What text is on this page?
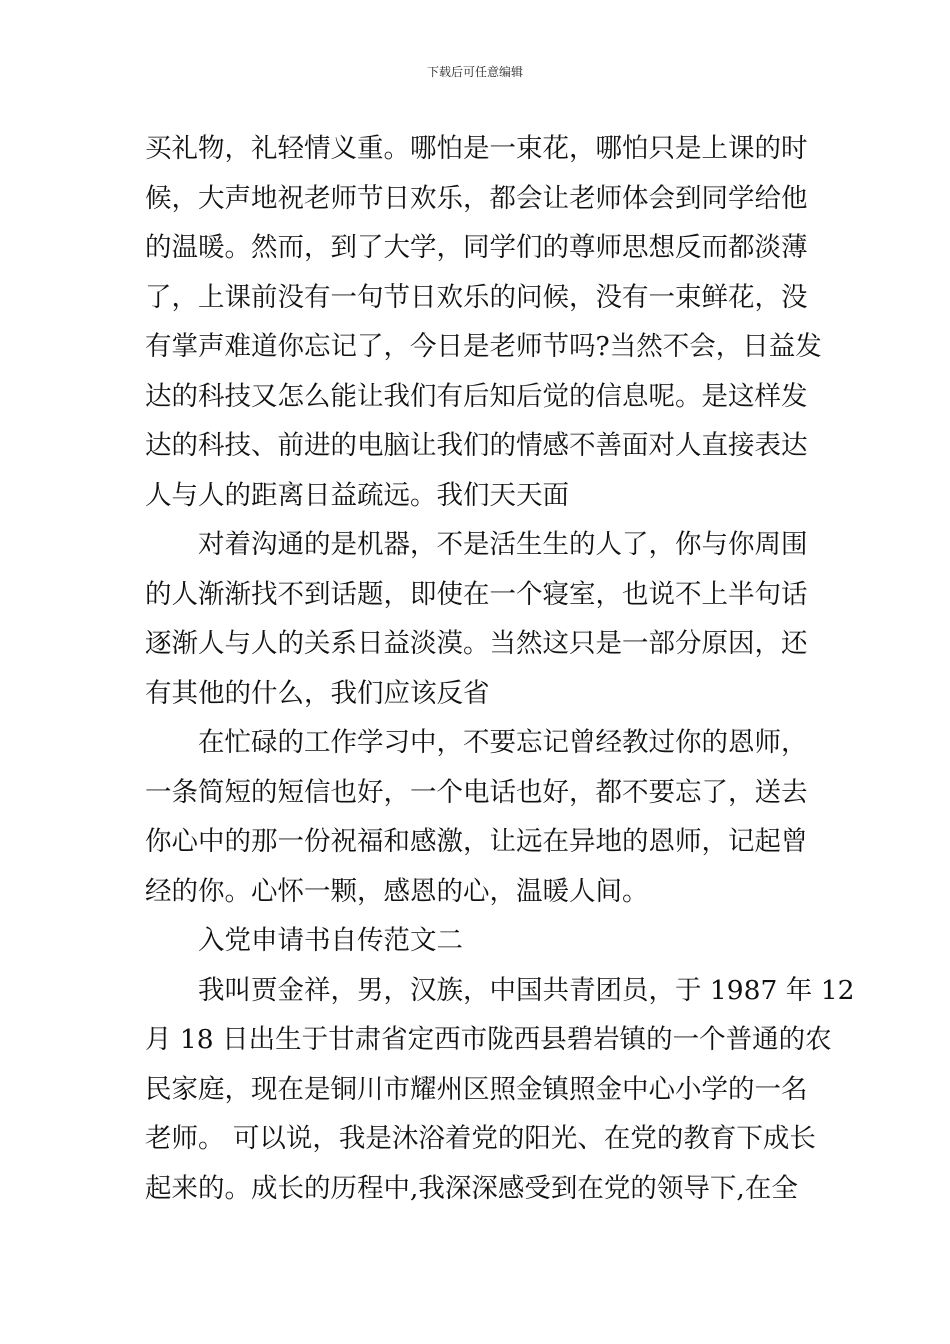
下载后可任意编辑

买礼物，礼轻情义重。哪怕是一束花，哪怕只是上课的时
候，大声地祝老师节日欢乐，都会让老师体会到同学给他
的温暖。然而，到了大学，同学们的尊师思想反而都淡薄
了，上课前没有一句节日欢乐的问候，没有一束鲜花，没
有掌声难道你忘记了，今日是老师节吗?当然不会，日益发
达的科技又怎么能让我们有后知后觉的信息呢。是这样发
达的科技、前进的电脑让我们的情感不善面对人直接表达
人与人的距离日益疏远。我们天天面

对着沟通的是机器，不是活生生的人了，你与你周围
的人渐渐找不到话题，即使在一个寝室，也说不上半句话
逐渐人与人的关系日益淡漠。当然这只是一部分原因，还
有其他的什么，我们应该反省

在忙碌的工作学习中，不要忘记曾经教过你的恩师，
一条简短的短信也好，一个电话也好，都不要忘了，送去
你心中的那一份祝福和感激，让远在异地的恩师，记起曾
经的你。心怀一颗，感恩的心，温暖人间。

入党申请书自传范文二

我叫贾金祥，男，汉族，中国共青团员，于 1987 年 12
月 18 日出生于甘肃省定西市陇西县碧岩镇的一个普通的农
民家庭，现在是铜川市耀州区照金镇照金中心小学的一名
老师。 可以说，我是沐浴着党的阳光、在党的教育下成长
起来的。成长的历程中,我深深感受到在党的领导下,在全
